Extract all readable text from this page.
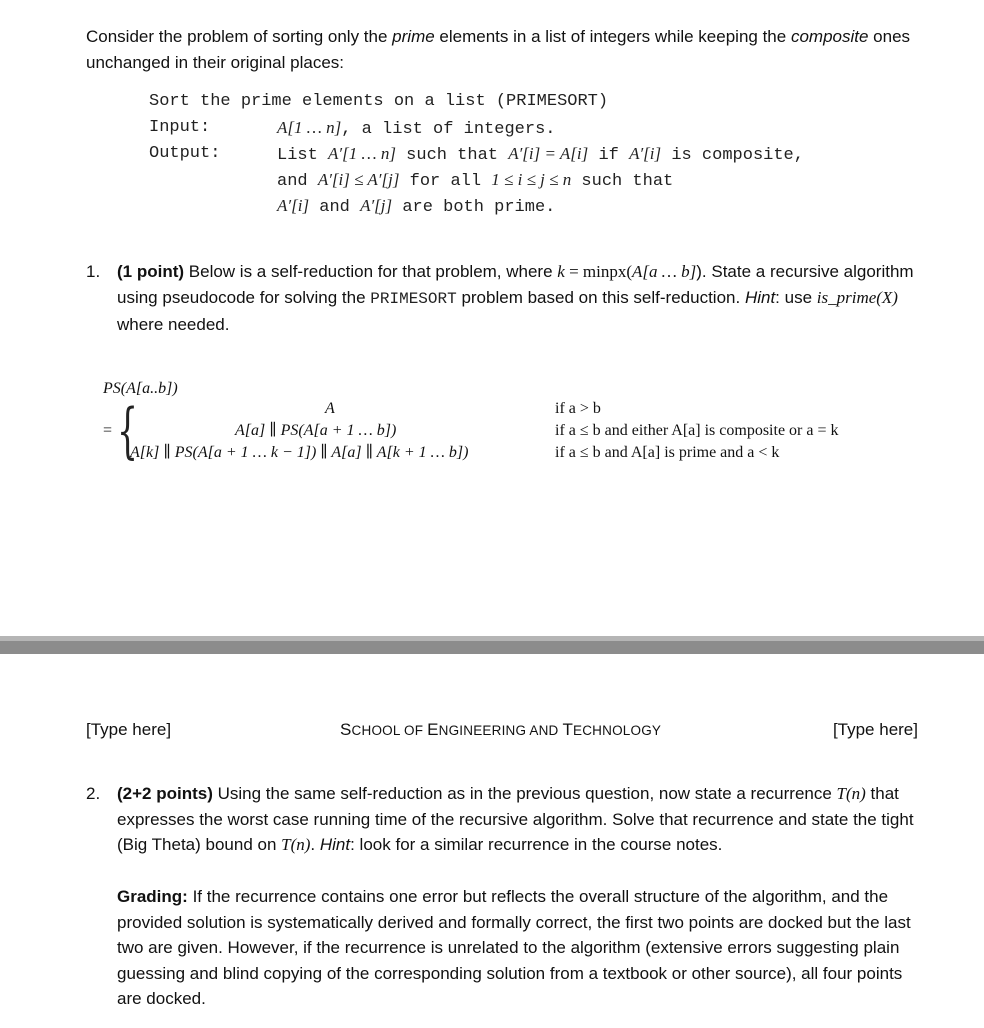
Consider the problem of sorting only the prime elements in a list of integers while keeping the composite ones unchanged in their original places:
Sort the prime elements on a list (PRIMESORT)
Input:	A[1 … n], a list of integers.
Output:	List A′[1 … n] such that A′[i] = A[i] if A′[i] is composite,
and A′[i] ≤ A′[j] for all 1 ≤ i ≤ j ≤ n such that
A′[i] and A′[j] are both prime.
1. (1 point) Below is a self-reduction for that problem, where k = minpx(A[a … b]). State a recursive algorithm using pseudocode for solving the PRIMESORT problem based on this self-reduction. Hint: use is_prime(X) where needed.
PS(A[a..b])
= {	A	if a > b
A[a] ∥ PS(A[a + 1 … b])	if a ≤ b and either A[a] is composite or a = k
A[k] ∥ PS(A[a + 1 … k − 1]) ∥ A[a] ∥ A[k + 1 … b])	if a ≤ b and A[a] is prime and a < k
[Type here]	SCHOOL OF ENGINEERING AND TECHNOLOGY	[Type here]
2. (2+2 points) Using the same self-reduction as in the previous question, now state a recurrence T(n) that expresses the worst case running time of the recursive algorithm. Solve that recurrence and state the tight (Big Theta) bound on T(n). Hint: look for a similar recurrence in the course notes.
Grading: If the recurrence contains one error but reflects the overall structure of the algorithm, and the provided solution is systematically derived and formally correct, the first two points are docked but the last two are given. However, if the recurrence is unrelated to the algorithm (extensive errors suggesting plain guessing and blind copying of the corresponding solution from a textbook or other source), all four points are docked.
